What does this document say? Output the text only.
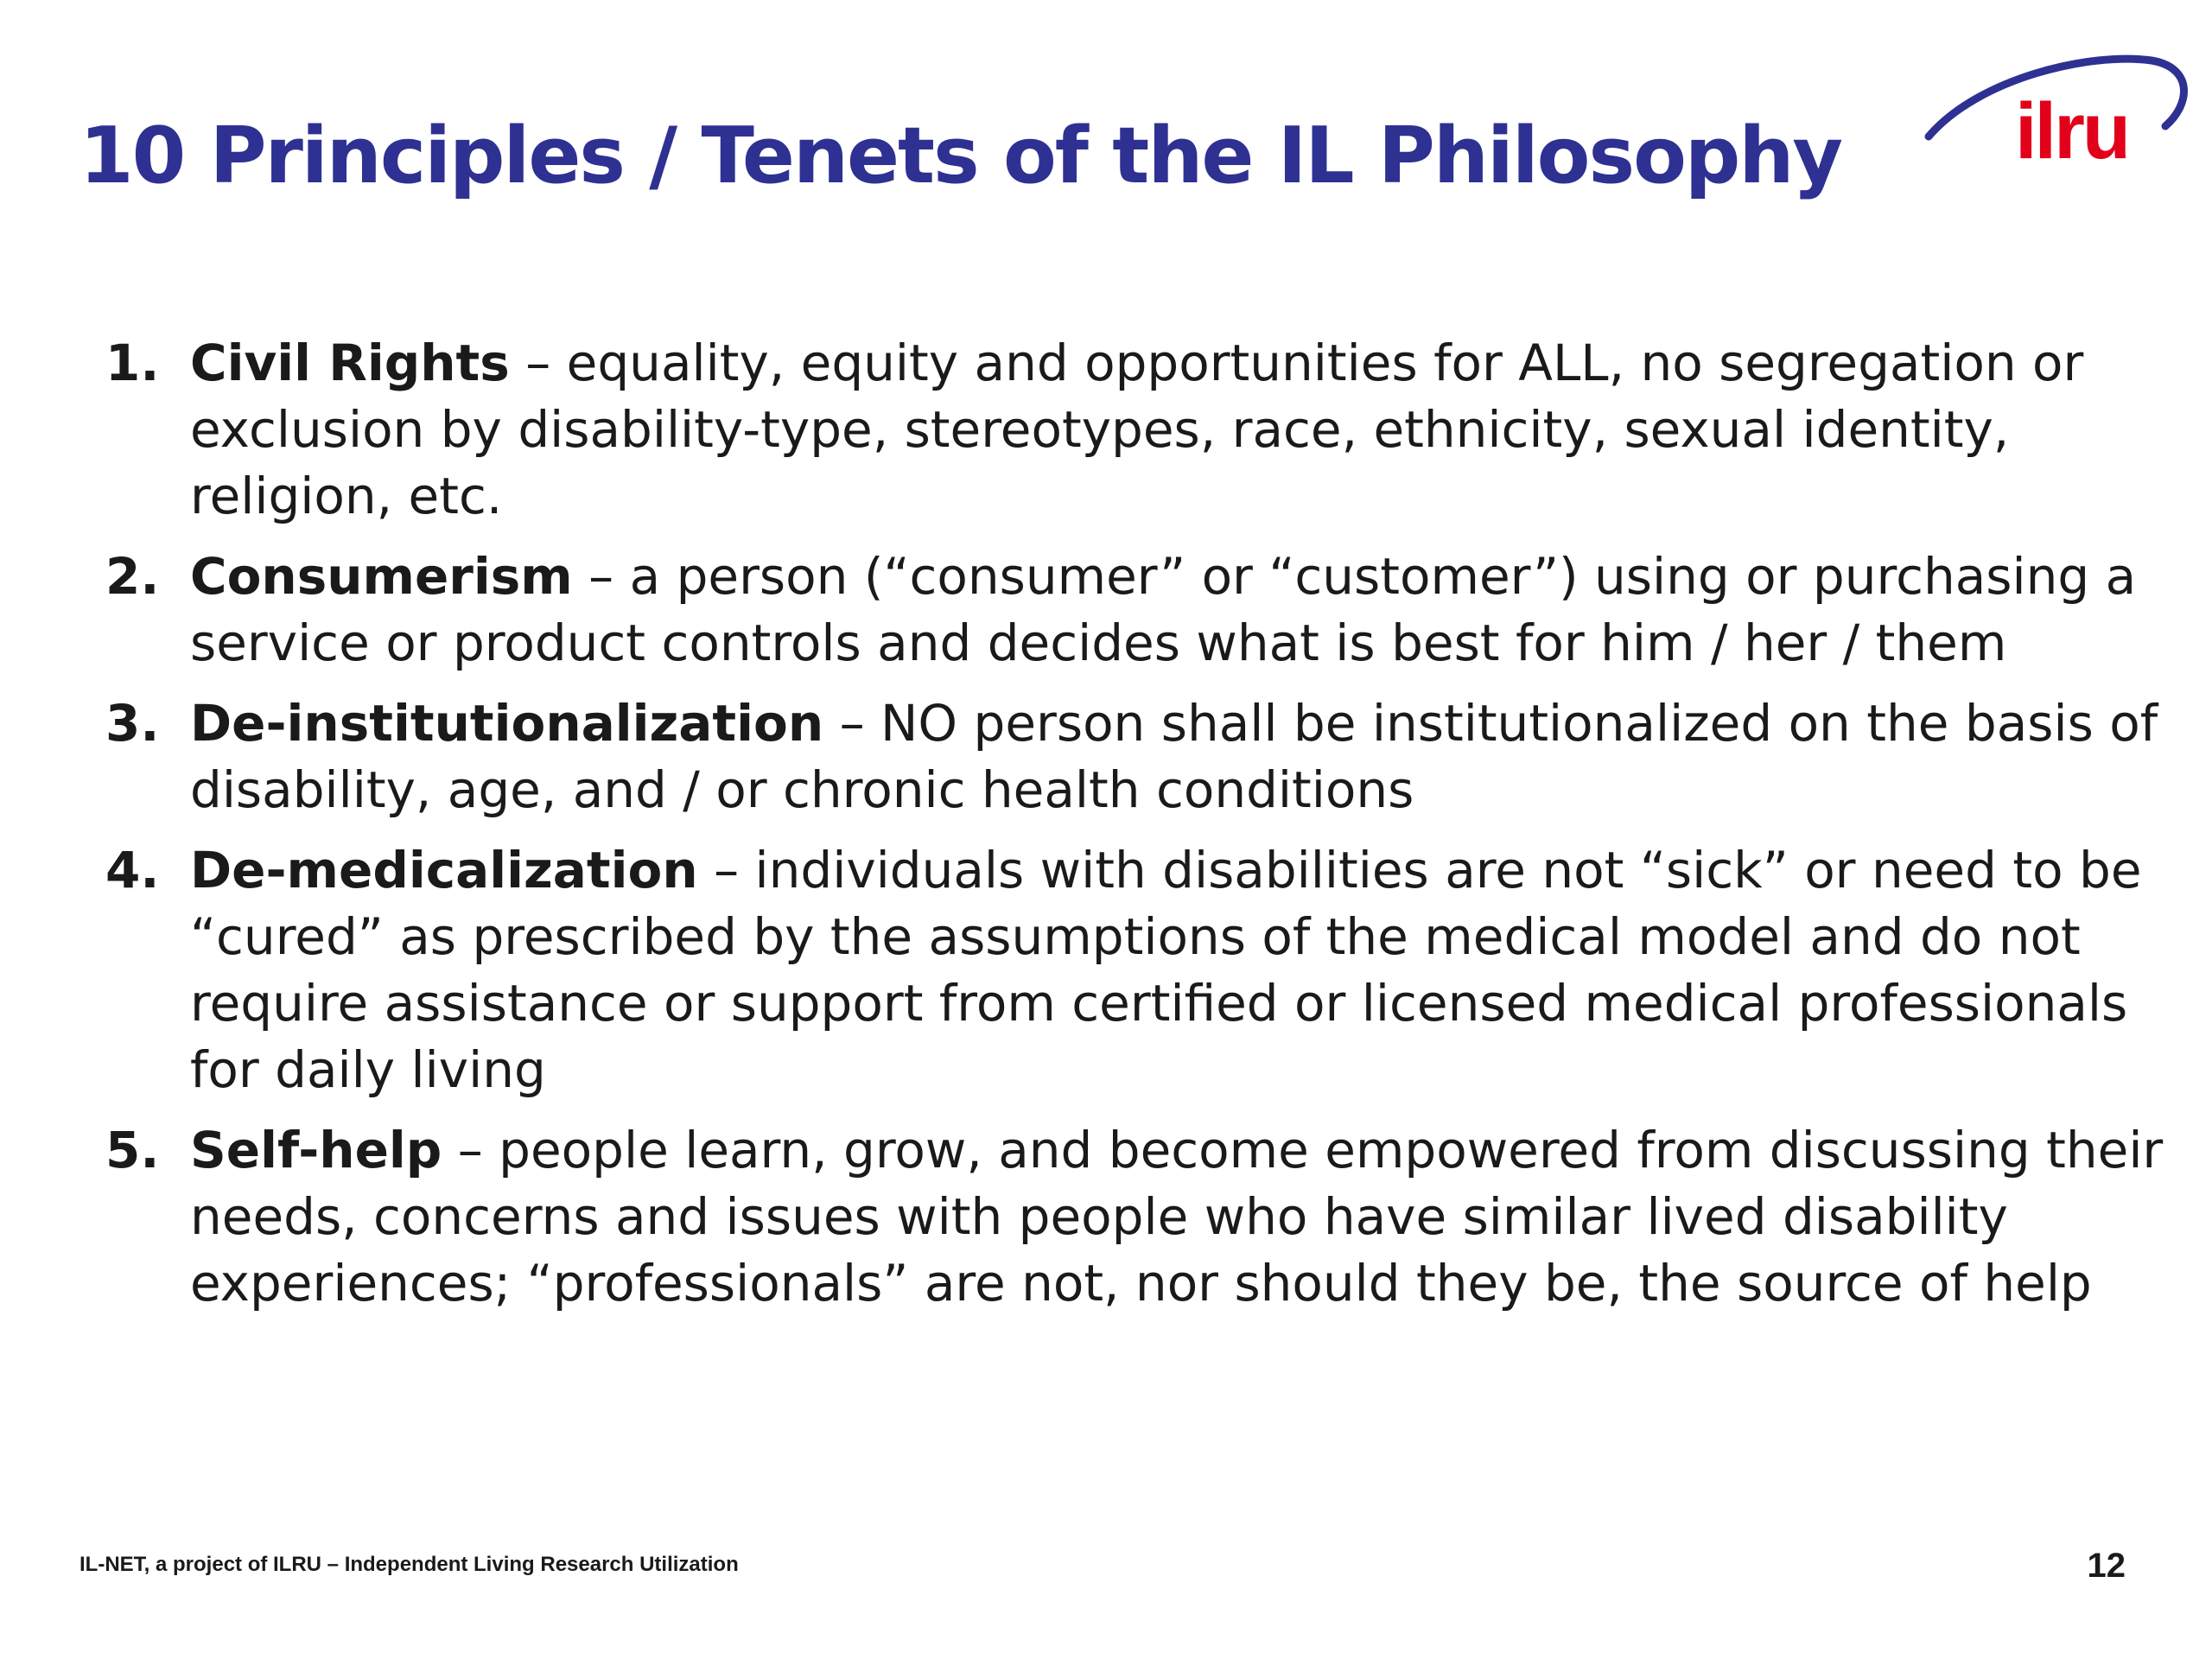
10 Principles / Tenets of the IL Philosophy ilru
1. Civil Rights – equality, equity and opportunities for ALL, no segregation or exclusion by disability-type, stereotypes, race, ethnicity, sexual identity, religion, etc.
2. Consumerism – a person (“consumer” or “customer”) using or purchasing a service or product controls and decides what is best for him / her / them
3. De-institutionalization – NO person shall be institutionalized on the basis of disability, age, and / or chronic health conditions
4. De-medicalization – individuals with disabilities are not “sick” or need to be “cured” as prescribed by the assumptions of the medical model and do not require assistance or support from certified or licensed medical professionals for daily living
5. Self-help – people learn, grow, and become empowered from discussing their needs, concerns and issues with people who have similar lived disability experiences; “professionals” are not, nor should they be, the source of help
IL-NET, a project of ILRU – Independent Living Research Utilization	12
